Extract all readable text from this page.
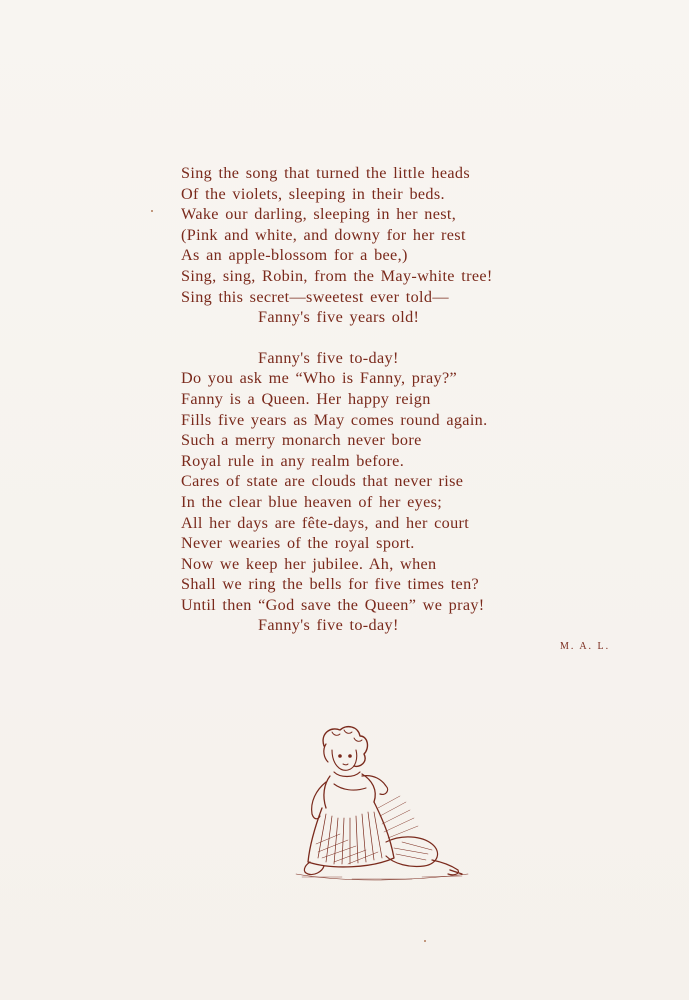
Sing the song that turned the little heads
Of the violets, sleeping in their beds.
Wake our darling, sleeping in her nest,
(Pink and white, and downy for her rest
As an apple-blossom for a bee,)
Sing, sing, Robin, from the May-white tree!
Sing this secret—sweetest ever told—
Fanny's five years old!
Fanny's five to-day!
Do you ask me “Who is Fanny, pray?”
Fanny is a Queen. Her happy reign
Fills five years as May comes round again.
Such a merry monarch never bore
Royal rule in any realm before.
Cares of state are clouds that never rise
In the clear blue heaven of her eyes;
All her days are fête-days, and her court
Never wearies of the royal sport.
Now we keep her jubilee. Ah, when
Shall we ring the bells for five times ten?
Until then “God save the Queen” we pray!
Fanny's five to-day!
M. A. L.
